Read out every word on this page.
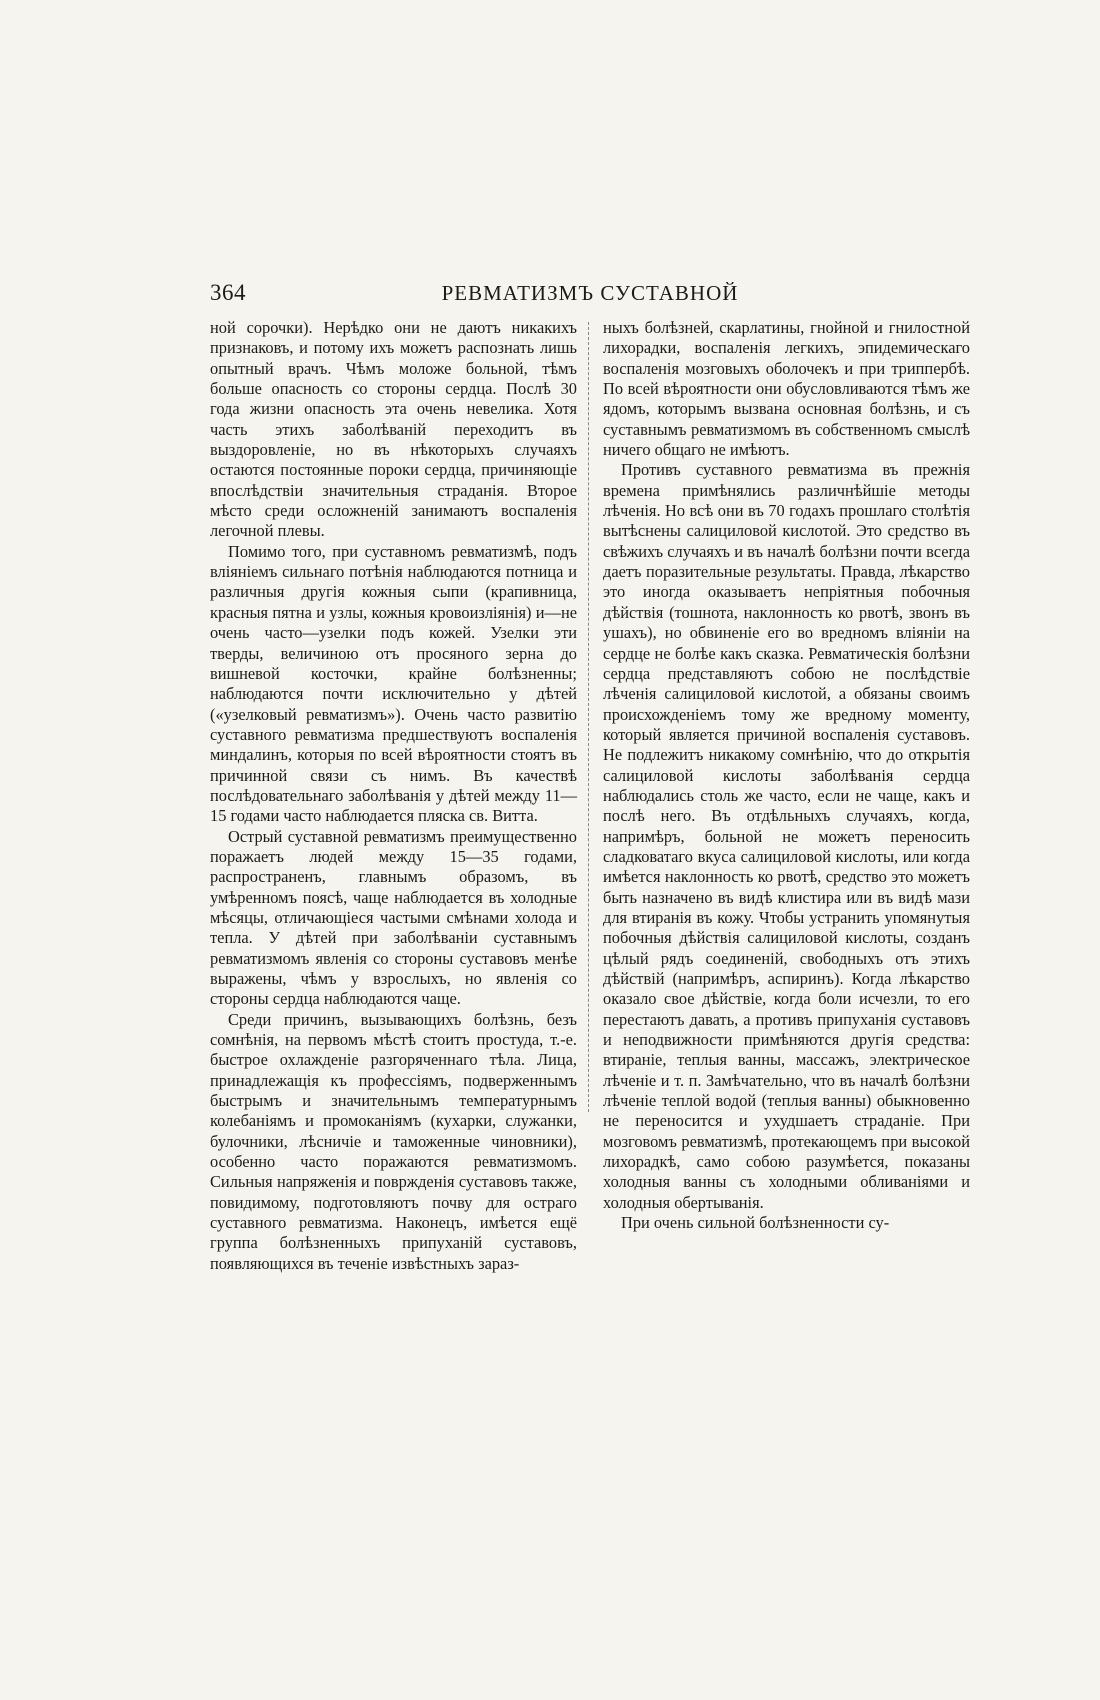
364	РЕВМАТИЗМЪ СУСТАВНОЙ

ной сорочки). Нерѣдко они не даютъ никакихъ признаковъ, и потому ихъ можетъ распознать лишь опытный врачъ. Чѣмъ моложе больной, тѣмъ больше опасность со стороны сердца. Послѣ 30 года жизни опасность эта очень невелика. Хотя часть этихъ заболѣваній переходитъ въ выздоровленіе, но въ нѣкоторыхъ случаяхъ остаются постоянные пороки сердца, причиняющіе впослѣдствіи значительныя страданія. Второе мѣсто среди осложненій занимаютъ воспаленія легочной плевы.

Помимо того, при суставномъ ревматизмѣ, подъ вліяніемъ сильнаго потѣнія наблюдаются потница и различныя другія кожныя сыпи (крапивница, красныя пятна и узлы, кожныя кровоизліянія) и—не очень часто—узелки подъ кожей. Узелки эти тверды, величиною отъ просяного зерна до вишневой косточки, крайне болѣзненны; наблюдаются почти исключительно у дѣтей («узелковый ревматизмъ»). Очень часто развитію суставного ревматизма предшествуютъ воспаленія миндалинъ, которыя по всей вѣроятности стоятъ въ причинной связи съ нимъ. Въ качествѣ послѣдовательнаго заболѣванія у дѣтей между 11—15 годами часто наблюдается пляска св. Витта.

Острый суставной ревматизмъ преимущественно поражаетъ людей между 15—35 годами, распространенъ, главнымъ образомъ, въ умѣренномъ поясѣ, чаще наблюдается въ холодные мѣсяцы, отличающіеся частыми смѣнами холода и тепла. У дѣтей при заболѣваніи суставнымъ ревматизмомъ явленія со стороны суставовъ менѣе выражены, чѣмъ у взрослыхъ, но явленія со стороны сердца наблюдаются чаще.

Среди причинъ, вызывающихъ болѣзнь, безъ сомнѣнія, на первомъ мѣстѣ стоитъ простуда, т.-е. быстрое охлажденіе разгоряченнаго тѣла. Лица, принадлежащія къ профессіямъ, подверженнымъ быстрымъ и значительнымъ температурнымъ колебаніямъ и промоканіямъ (кухарки, служанки, булочники, лѣсничіе и таможенные чиновники), особенно часто поражаются ревматизмомъ. Сильныя напряженія и повржденія суставовъ также, повидимому, подготовляютъ почву для остраго суставного ревматизма. Наконецъ, имѣется ещё группа болѣзненныхъ припуханій суставовъ, появляющихся въ теченіе извѣстныхъ зараз-

ныхъ болѣзней, скарлатины, гнойной и гнилостной лихорадки, воспаленія легкихъ, эпидемическаго воспаленія мозговыхъ оболочекъ и при триппербѣ. По всей вѣроятности они обусловливаются тѣмъ же ядомъ, которымъ вызвана основная болѣзнь, и съ суставнымъ ревматизмомъ въ собственномъ смыслѣ ничего общаго не имѣютъ.

Противъ суставного ревматизма въ прежнія времена примѣнялись различнѣйшіе методы лѣченія. Но всѣ они въ 70 годахъ прошлаго столѣтія вытѣснены салициловой кислотой. Это средство въ свѣжихъ случаяхъ и въ началѣ болѣзни почти всегда даетъ поразительные результаты. Правда, лѣкарство это иногда оказываетъ непріятныя побочныя дѣйствія (тошнота, наклонность ко рвотѣ, звонъ въ ушахъ), но обвиненіе его во вредномъ вліяніи на сердце не болѣе какъ сказка. Ревматическія болѣзни сердца представляютъ собою не послѣдствіе лѣченія салициловой кислотой, а обязаны своимъ происхожденіемъ тому же вредному моменту, который является причиной воспаленія суставовъ. Не подлежитъ никакому сомнѣнію, что до открытія салициловой кислоты заболѣванія сердца наблюдались столь же часто, если не чаще, какъ и послѣ него. Въ отдѣльныхъ случаяхъ, когда, напримѣръ, больной не можетъ переносить сладковатаго вкуса салициловой кислоты, или когда имѣется наклонность ко рвотѣ, средство это можетъ быть назначено въ видѣ клистира или въ видѣ мази для втиранія въ кожу. Чтобы устранить упомянутыя побочныя дѣйствія салициловой кислоты, созданъ цѣлый рядъ соединеній, свободныхъ отъ этихъ дѣйствій (напримѣръ, аспиринъ). Когда лѣкарство оказало свое дѣйствіе, когда боли исчезли, то его перестаютъ давать, а противъ припуханія суставовъ и неподвижности примѣняются другія средства: втираніе, теплыя ванны, массажъ, электрическое лѣченіе и т. п. Замѣчательно, что въ началѣ болѣзни лѣченіе теплой водой (теплыя ванны) обыкновенно не переносится и ухудшаетъ страданіе. При мозговомъ ревматизмѣ, протекающемъ при высокой лихорадкѣ, само собою разумѣется, показаны холодныя ванны съ холодными обливаніями и холодныя обертыванія.

При очень сильной болѣзненности су-
